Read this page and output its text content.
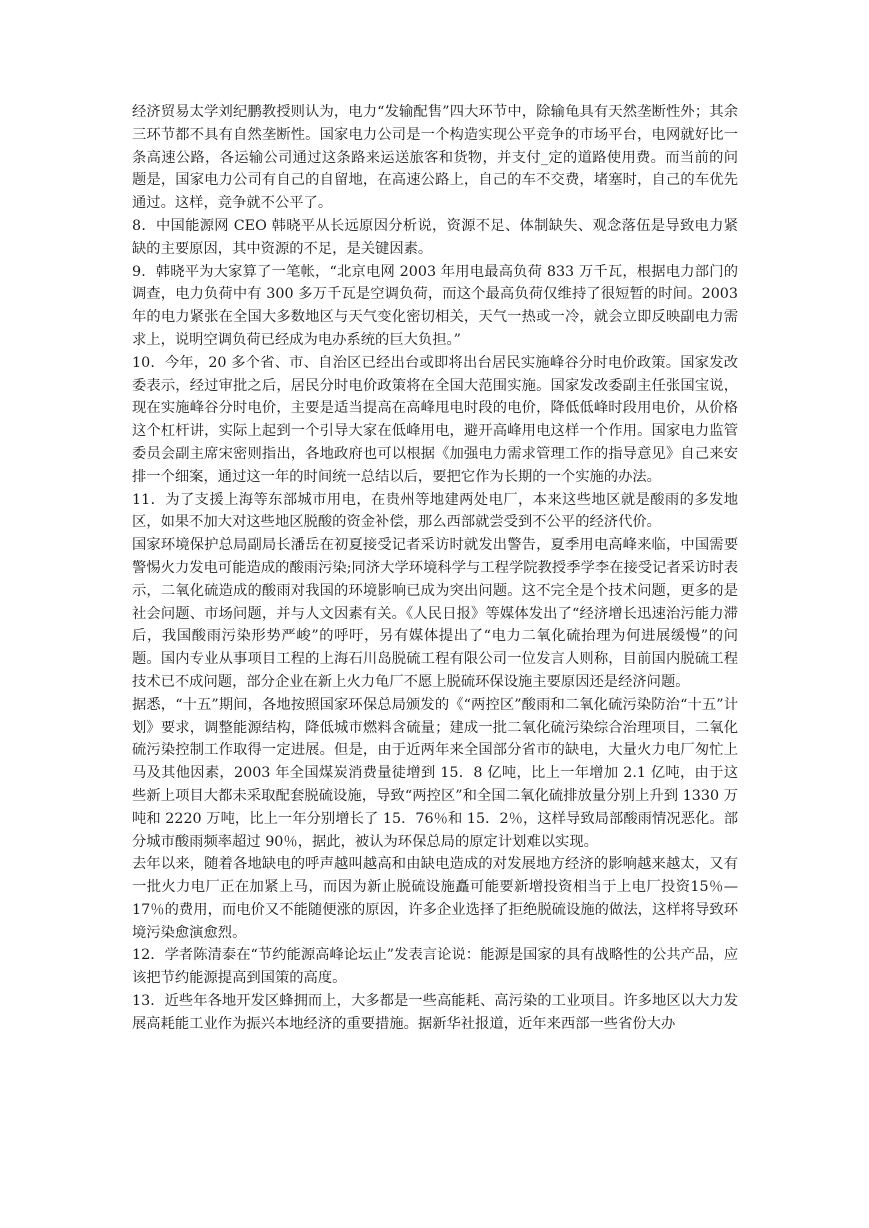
经济贸易太学刘纪鹏教授则认为，电力“发输配售”四大环节中，除输龟具有天然垄断性外；其余三环节都不具有自然垄断性。国家电力公司是一个构造实现公平竞争的市场平台，电网就好比一条高速公路，各运输公司通过这条路来运送旅客和货物，并支付_定的道路使用费。而当前的问题是，国家电力公司有自己的自留地，在高速公路上，自己的车不交费，堵塞时，自己的车优先通过。这样，竞争就不公平了。

8．中国能源网 CEO 韩晓平从长远原因分析说，资源不足、体制缺失、观念落伍是导致电力紧缺的主要原因，其中资源的不足，是关键因素。

9．韩晓平为大家算了一笔帐，“北京电网 2003 年用电最高负荷 833 万千瓦，根据电力部门的调查，电力负荷中有 300 多万千瓦是空调负荷，而这个最高负荷仅维持了很短暂的时间。2003 年的电力紧张在全国大多数地区与天气变化密切相关，天气一热或一冷，就会立即反映副电力需求上，说明空调负荷已经成为电办系统的巨大负担。”

10．今年，20 多个省、市、自治区已经出台或即将出台居民实施峰谷分时电价政策。国家发改委表示，经过审批之后，居民分时电价政策将在全国大范围实施。国家发改委副主任张国宝说，现在实施峰谷分时电价，主要是适当提高在高峰甩电时段的电价，降低低峰时段用电价，从价格这个杠杆讲，实际上起到一个引导大家在低峰用电，避开高峰用电这样一个作用。国家电力监管委员会副主席宋密则指出，各地政府也可以根据《加强电力需求管理工作的指导意见》自己来安排一个细案，通过这一年的时间统一总结以后，要把它作为长期的一个实施的办法。

11．为了支援上海等东部城市用电，在贵州等地建两处电厂，本来这些地区就是酸雨的多发地区，如果不加大对这些地区脱酸的资金补偿，那么西部就尝受到不公平的经济代价。

国家环境保护总局副局长潘岳在初夏接受记者采访时就发出警告，夏季用电高峰来临，中国需要警惕火力发电可能造成的酸雨污染;同济大学环境科学与工程学院教授季学李在接受记者采访时表示，二氧化硫造成的酸雨对我国的环境影响已成为突出问题。这不完全是个技术问题，更多的是社会问题、市场问题，并与人文因素有关。《人民日报》等媒体发出了“经济增长迅速治污能力滞后，我国酸雨污染形势严峻”的呼吁，另有媒体提出了“电力二氧化硫抬理为何进展缓慢”的问题。国内专业从事项目工程的上海石川岛脱硫工程有限公司一位发言人则称，目前国内脱硫工程技术已不成问题，部分企业在新上火力龟厂不愿上脱硫环保设施主要原因还是经济问题。

据悉，“十五”期间，各地按照国家环保总局颁发的《“两控区”酸雨和二氧化硫污染防治“十五”计划》要求，调整能源结构，降低城市燃料含硫量；建成一批二氧化硫污染综合治理项目，二氧化硫污染控制工作取得一定进展。但是，由于近两年来全国部分省市的缺电，大量火力电厂匆忙上马及其他因素，2003 年全国煤炭消费量徒增到 15．8 亿吨，比上一年增加 2.1 亿吨，由于这些新上项目大都未采取配套脱硫设施，导致“两控区”和全国二氧化硫排放量分别上升到 1330 万吨和 2220 万吨，比上一年分别增长了 15．76％和 15．2％，这样导致局部酸雨情况恶化。部分城市酸雨频率超过 90％，据此，被认为环保总局的原定计划难以实现。

去年以来，随着各地缺电的呼声越叫越高和由缺电造成的对发展地方经济的影响越来越太，又有一批火力电厂正在加紧上马，而因为新止脱硫设施矗可能要新增投资相当于上电厂投资15％—17％的费用，而电价又不能随便涨的原因，许多企业选择了拒绝脱硫设施的做法，这样将导致环境污染愈演愈烈。

12．学者陈清泰在“节约能源高峰论坛止”发表言论说：能源是国家的具有战略性的公共产品，应该把节约能源提高到国策的高度。

13．近些年各地开发区蜂拥而上，大多都是一些高能耗、高污染的工业项目。许多地区以大力发展高耗能工业作为振兴本地经济的重要措施。据新华社报道，近年来西部一些省份大办
